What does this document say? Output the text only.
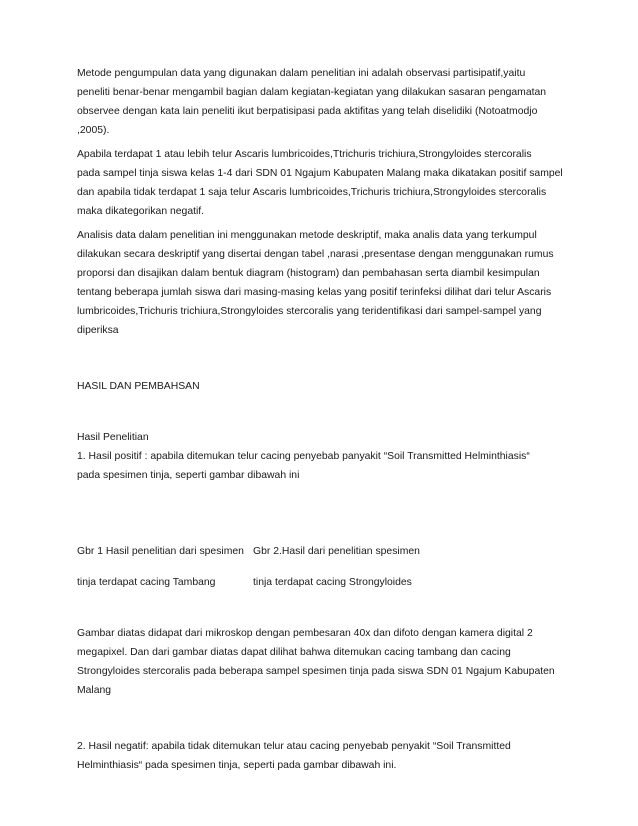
Metode pengumpulan data yang digunakan dalam penelitian ini adalah observasi partisipatif,yaitu
peneliti benar-benar mengambil bagian dalam kegiatan-kegiatan yang dilakukan sasaran pengamatan
observee dengan kata lain peneliti ikut berpatisipasi pada aktifitas yang telah diselidiki (Notoatmodjo
,2005).

Apabila terdapat 1 atau lebih telur Ascaris lumbricoides,Ttrichuris trichiura,Strongyloides stercoralis
pada sampel tinja siswa kelas 1-4 dari SDN 01 Ngajum Kabupaten Malang maka dikatakan positif sampel
dan apabila tidak terdapat 1 saja telur Ascaris lumbricoides,Trichuris trichiura,Strongyloides stercoralis
maka dikategorikan negatif.

Analisis data dalam penelitian ini menggunakan metode deskriptif, maka analis data yang terkumpul
dilakukan secara deskriptif yang disertai dengan tabel ,narasi ,presentase dengan menggunakan rumus
proporsi dan disajikan dalam bentuk diagram (histogram) dan pembahasan serta diambil kesimpulan
tentang beberapa jumlah siswa dari masing-masing kelas yang positif terinfeksi dilihat dari telur Ascaris
lumbricoides,Trichuris trichiura,Strongyloides stercoralis yang teridentifikasi dari sampel-sampel yang
diperiksa

HASIL DAN PEMBAHSAN

Hasil Penelitian

1. Hasil positif : apabila ditemukan telur cacing penyebab panyakit “Soil Transmitted Helminthiasis“
pada spesimen tinja, seperti gambar dibawah ini

Gbr 1 Hasil penelitian dari spesimen Gbr 2.Hasil dari penelitian spesimen
tinja terdapat cacing Tambang	tinja terdapat cacing Strongyloides

Gambar diatas didapat dari mikroskop dengan pembesaran 40x dan difoto dengan kamera digital 2
megapixel. Dan dari gambar diatas dapat dilihat bahwa ditemukan cacing tambang dan cacing
Strongyloides stercoralis pada beberapa sampel spesimen tinja pada siswa SDN 01 Ngajum Kabupaten
Malang

2. Hasil negatif: apabila tidak ditemukan telur atau cacing penyebab penyakit “Soil Transmitted
Helminthiasis“ pada spesimen tinja, seperti pada gambar dibawah ini.
